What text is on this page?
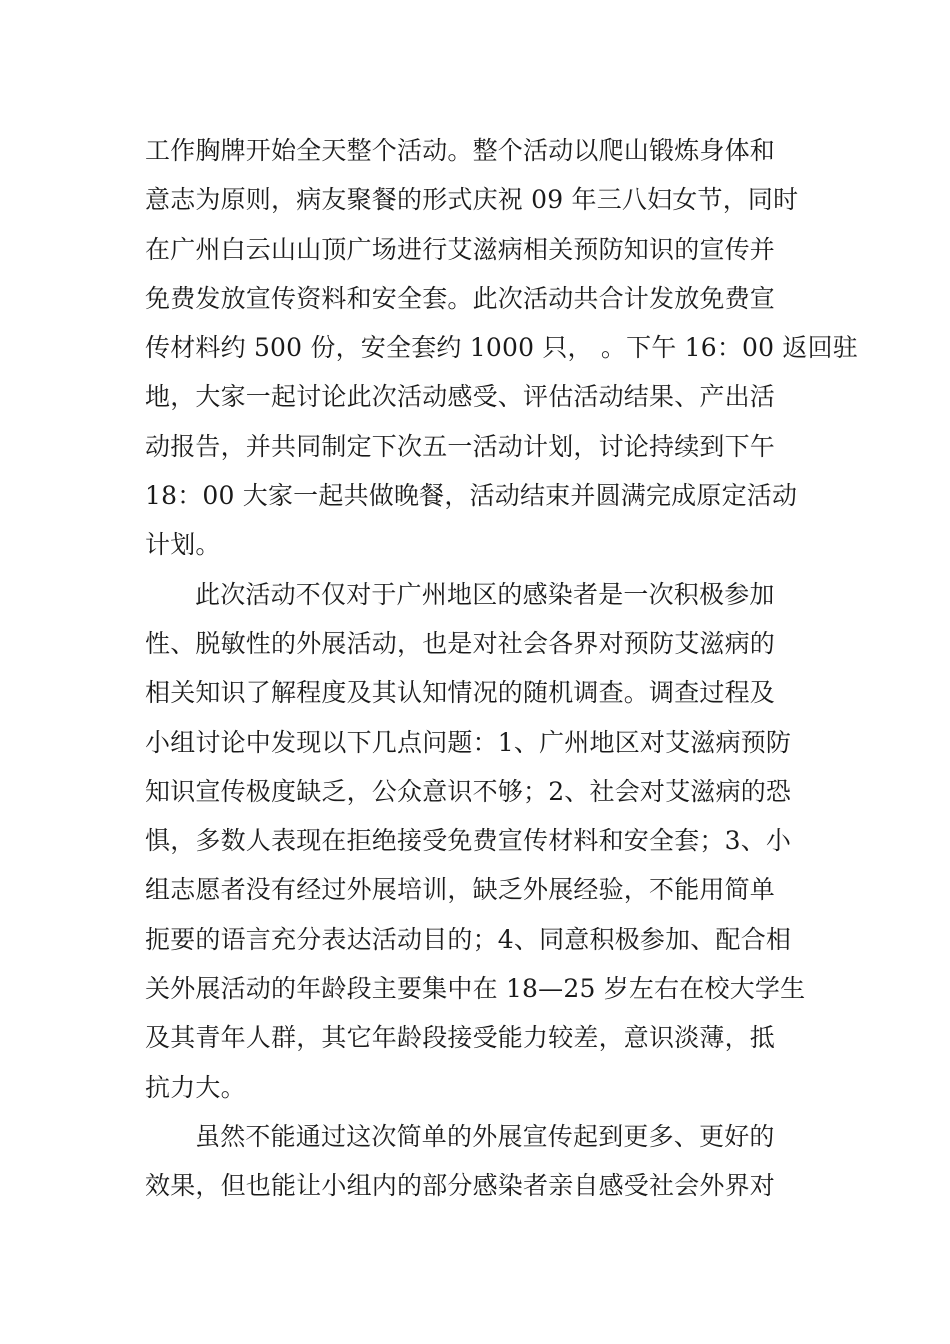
工作胸牌开始全天整个活动。整个活动以爬山锻炼身体和
意志为原则，病友聚餐的形式庆祝 09 年三八妇女节，同时
在广州白云山山顶广场进行艾滋病相关预防知识的宣传并
免费发放宣传资料和安全套。此次活动共合计发放免费宣
传材料约 500 份，安全套约 1000 只， 。下午 16：00 返回驻
地，大家一起讨论此次活动感受、评估活动结果、产出活
动报告，并共同制定下次五一活动计划，讨论持续到下午
18：00 大家一起共做晚餐，活动结束并圆满完成原定活动
计划。
此次活动不仅对于广州地区的感染者是一次积极参加
性、脱敏性的外展活动，也是对社会各界对预防艾滋病的
相关知识了解程度及其认知情况的随机调查。调查过程及
小组讨论中发现以下几点问题：1、广州地区对艾滋病预防
知识宣传极度缺乏，公众意识不够；2、社会对艾滋病的恐
惧，多数人表现在拒绝接受免费宣传材料和安全套；3、小
组志愿者没有经过外展培训，缺乏外展经验，不能用简单
扼要的语言充分表达活动目的；4、同意积极参加、配合相
关外展活动的年龄段主要集中在 18—25 岁左右在校大学生
及其青年人群，其它年龄段接受能力较差，意识淡薄，抵
抗力大。
虽然不能通过这次简单的外展宣传起到更多、更好的
效果，但也能让小组内的部分感染者亲自感受社会外界对
